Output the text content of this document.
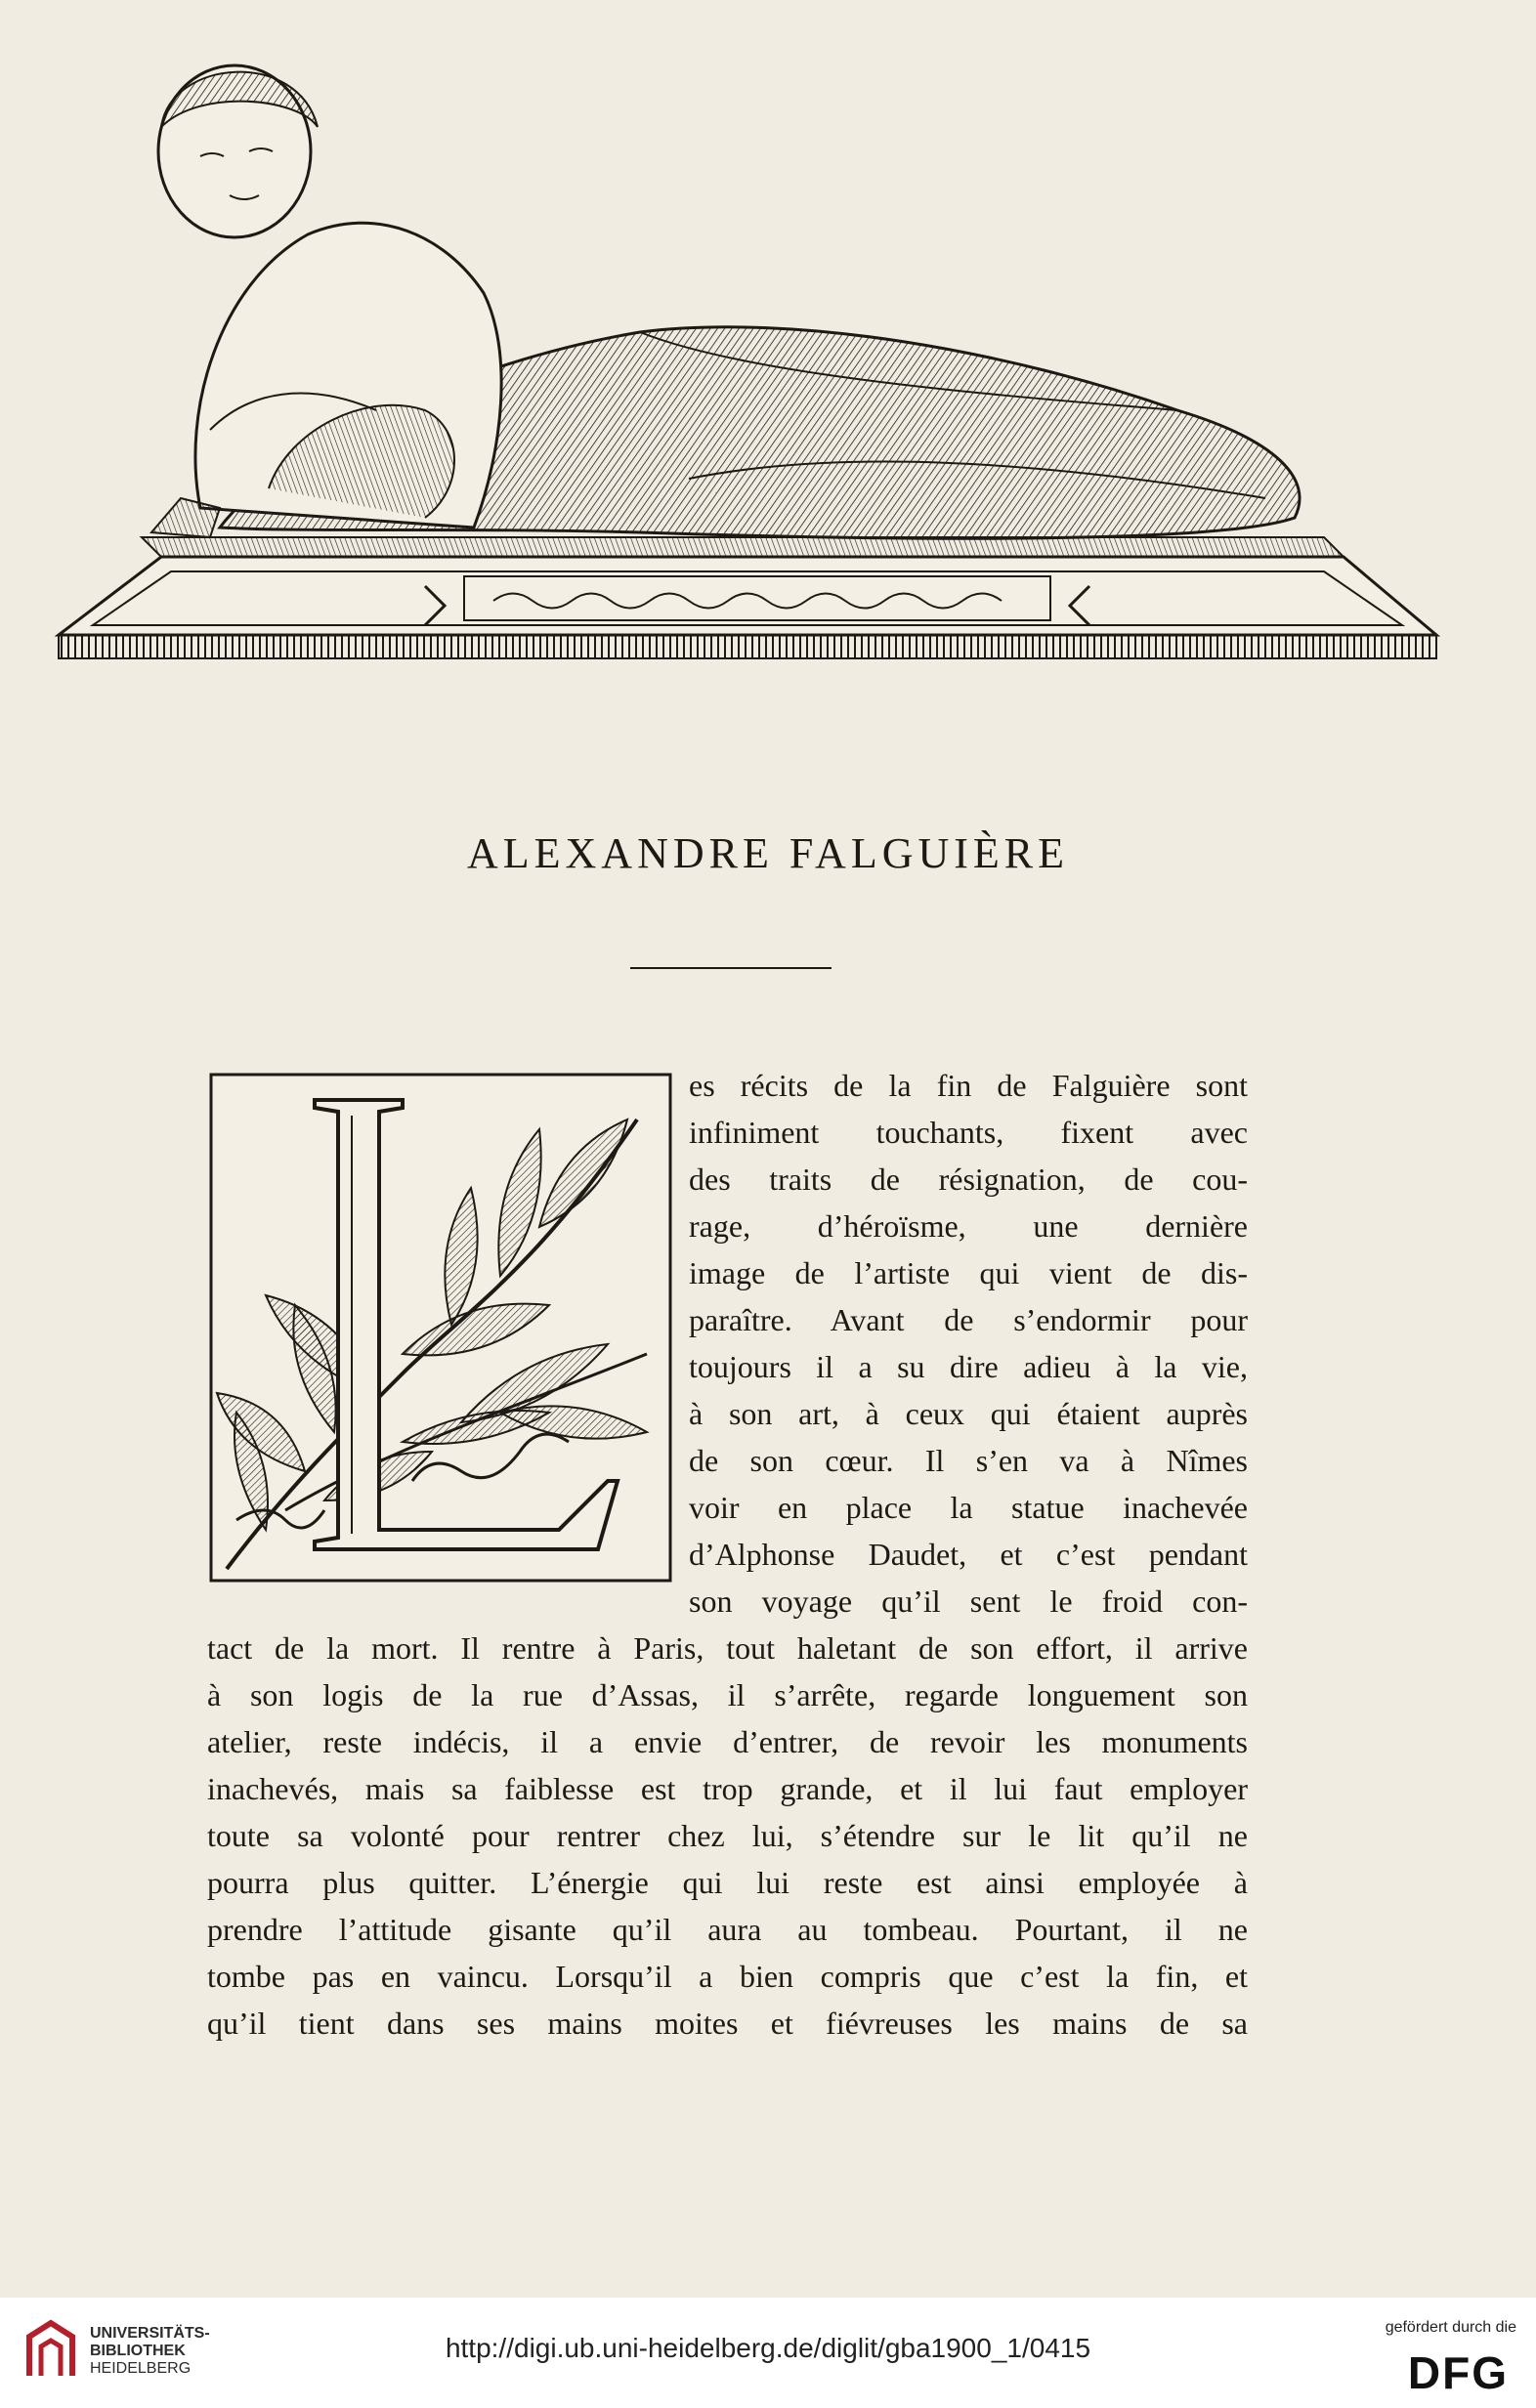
ALEXANDRE FALGUIÈRE
es récits de la fin de Falguière sont
infiniment touchants, fixent avec
des traits de résignation, de cou-
rage, d’héroïsme, une dernière
image de l’artiste qui vient de dis-
paraître. Avant de s’endormir pour
toujours il a su dire adieu à la vie,
à son art, à ceux qui étaient auprès
de son cœur. Il s’en va à Nîmes
voir en place la statue inachevée
d’Alphonse Daudet, et c’est pendant
son voyage qu’il sent le froid con-
tact de la mort. Il rentre à Paris, tout haletant de son effort, il arrive
à son logis de la rue d’Assas, il s’arrête, regarde longuement son
atelier, reste indécis, il a envie d’entrer, de revoir les monuments
inachevés, mais sa faiblesse est trop grande, et il lui faut employer
toute sa volonté pour rentrer chez lui, s’étendre sur le lit qu’il ne
pourra plus quitter. L’énergie qui lui reste est ainsi employée à
prendre l’attitude gisante qu’il aura au tombeau. Pourtant, il ne
tombe pas en vaincu. Lorsqu’il a bien compris que c’est la fin, et
qu’il tient dans ses mains moites et fiévreuses les mains de sa
UNIVERSITÄTS-
BIBLIOTHEK
HEIDELBERG
http://digi.ub.uni-heidelberg.de/diglit/gba1900_1/0415
gefördert durch die
DFG
